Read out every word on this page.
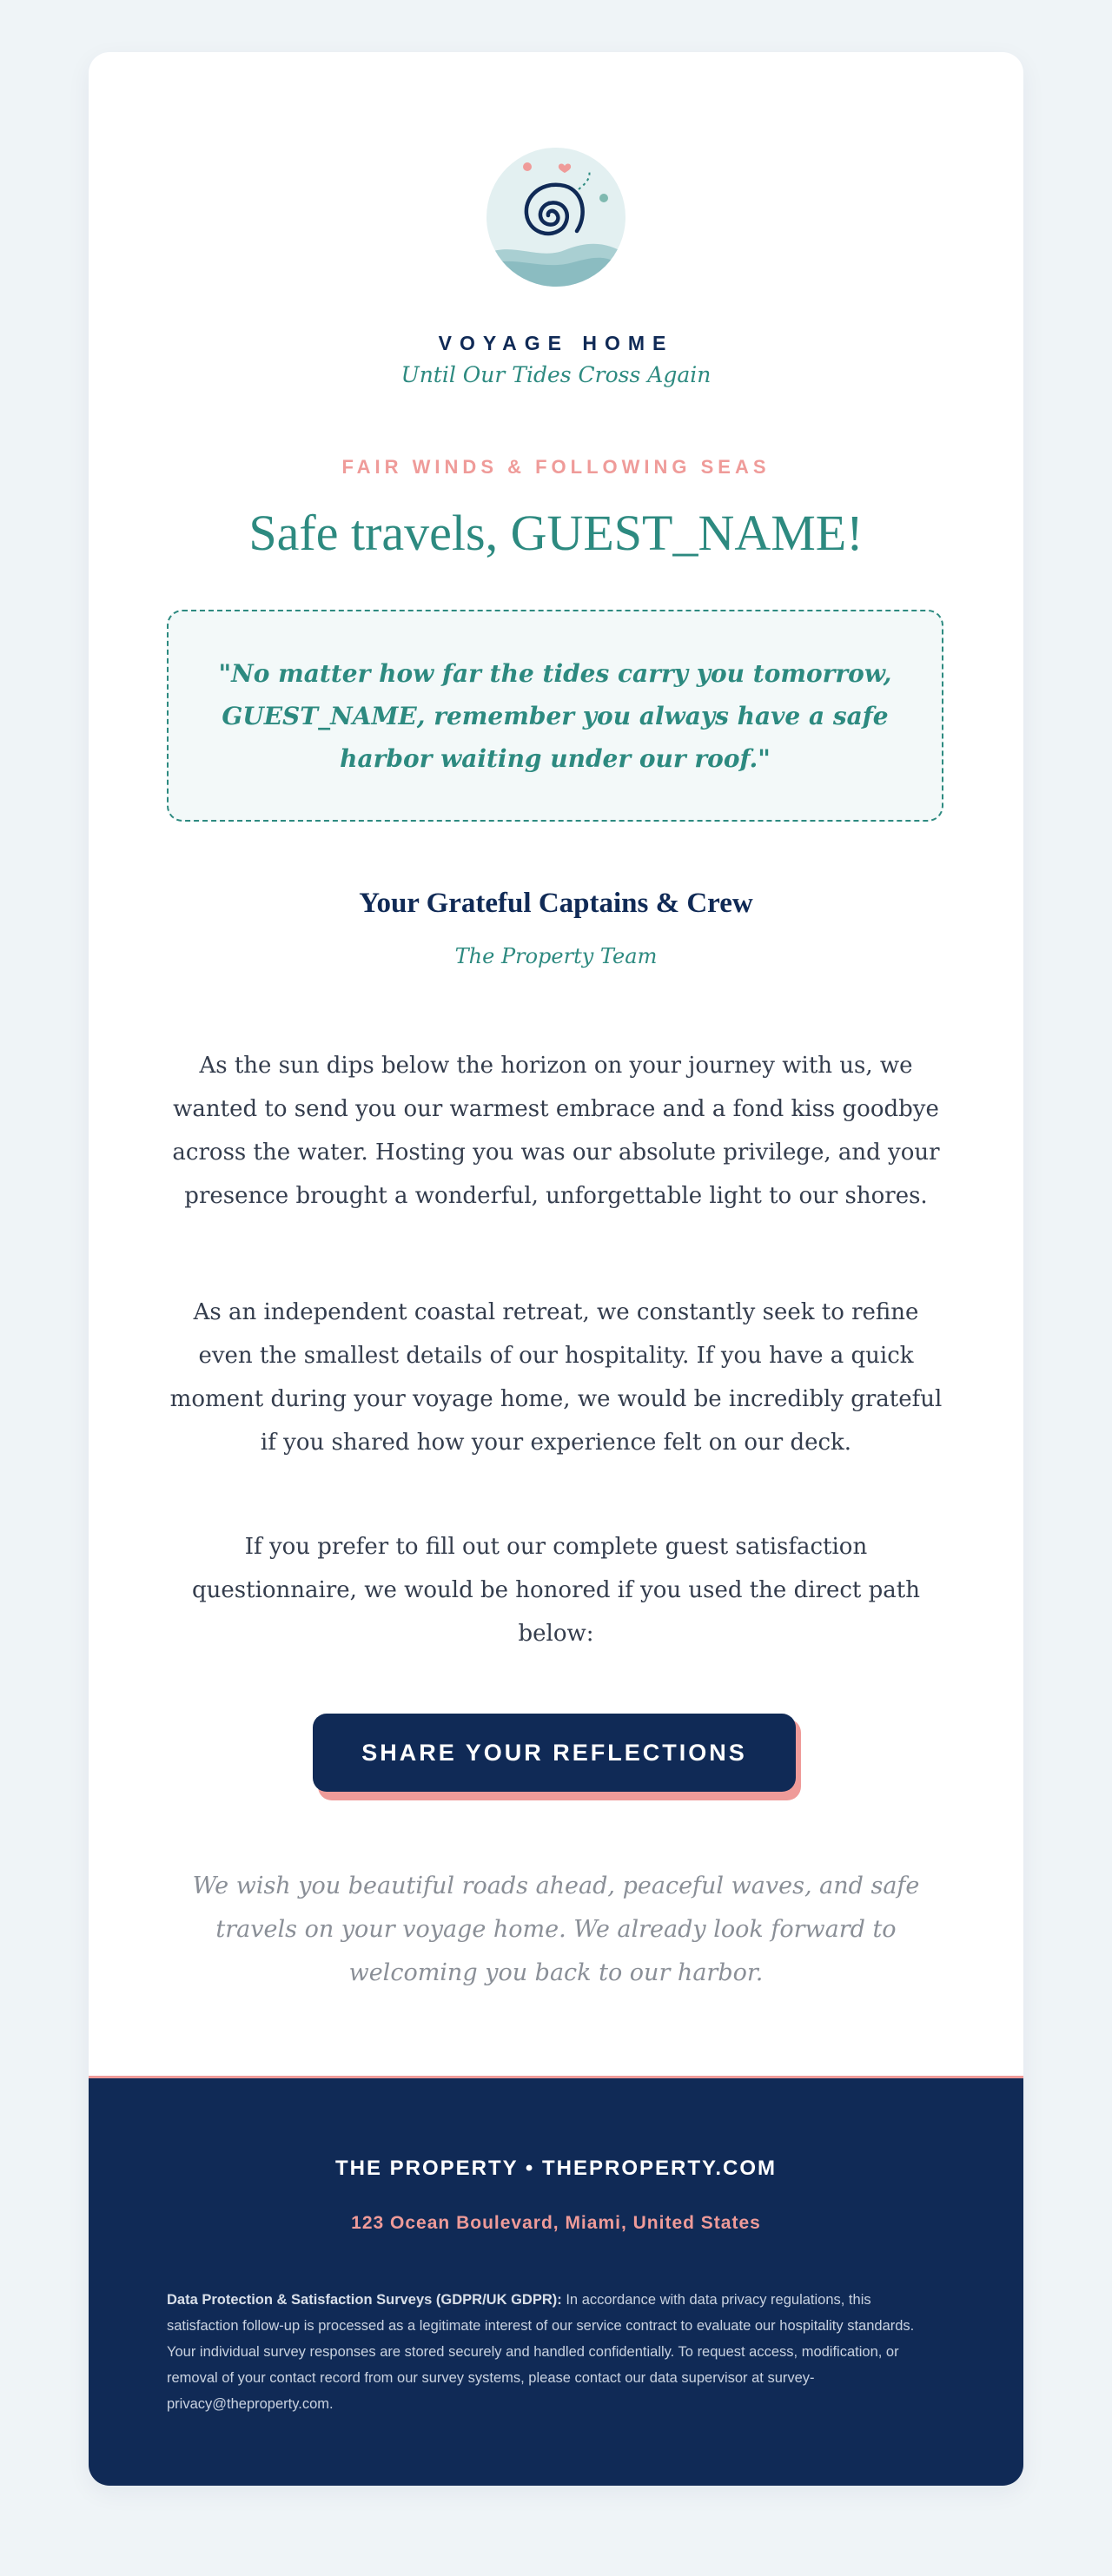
VOYAGE HOME
Until Our Tides Cross Again
FAIR WINDS & FOLLOWING SEAS
Safe travels, GUEST_NAME!
"No matter how far the tides carry you tomorrow, GUEST_NAME, remember you always have a safe harbor waiting under our roof."
Your Grateful Captains & Crew
The Property Team
As the sun dips below the horizon on your journey with us, we wanted to send you our warmest embrace and a fond kiss goodbye across the water. Hosting you was our absolute privilege, and your presence brought a wonderful, unforgettable light to our shores.
As an independent coastal retreat, we constantly seek to refine even the smallest details of our hospitality. If you have a quick moment during your voyage home, we would be incredibly grateful if you shared how your experience felt on our deck.
If you prefer to fill out our complete guest satisfaction questionnaire, we would be honored if you used the direct path below:
SHARE YOUR REFLECTIONS
We wish you beautiful roads ahead, peaceful waves, and safe travels on your voyage home. We already look forward to welcoming you back to our harbor.
THE PROPERTY • THEPROPERTY.COM
123 Ocean Boulevard, Miami, United States
Data Protection & Satisfaction Surveys (GDPR/UK GDPR): In accordance with data privacy regulations, this satisfaction follow-up is processed as a legitimate interest of our service contract to evaluate our hospitality standards. Your individual survey responses are stored securely and handled confidentially. To request access, modification, or removal of your contact record from our survey systems, please contact our data supervisor at survey-privacy@theproperty.com.
